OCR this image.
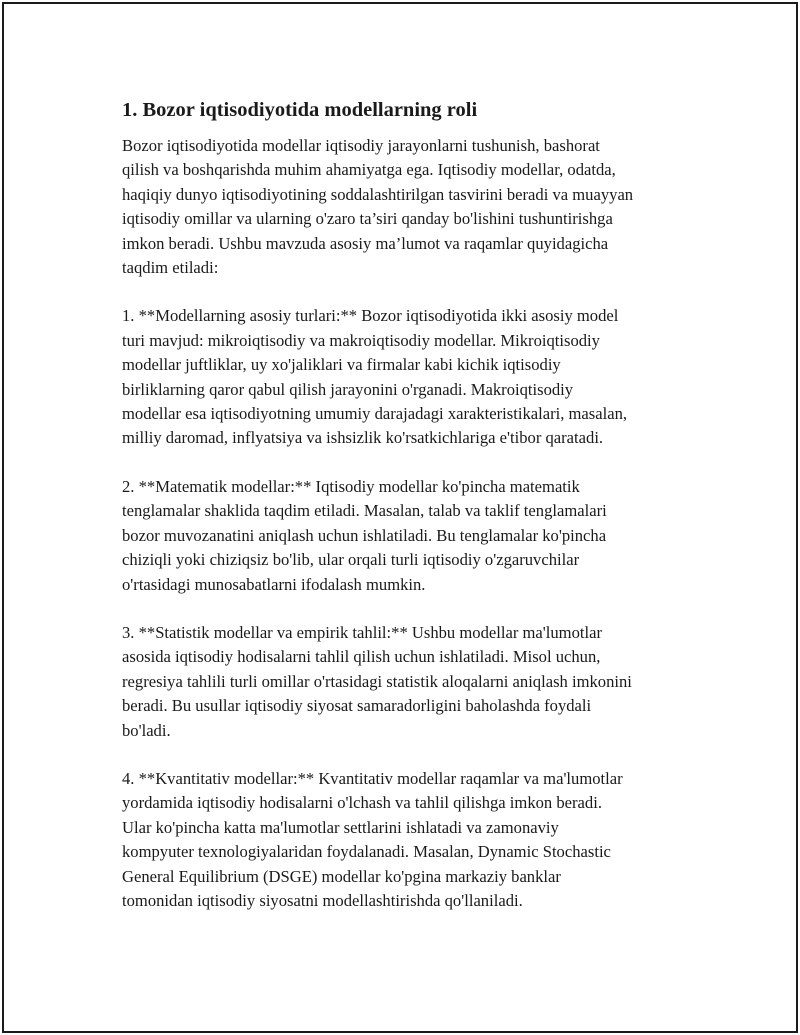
1. Bozor iqtisodiyotida modellarning roli

Bozor iqtisodiyotida modellar iqtisodiy jarayonlarni tushunish, bashorat
qilish va boshqarishda muhim ahamiyatga ega. Iqtisodiy modellar, odatda,
haqiqiy dunyo iqtisodiyotining soddalashtirilgan tasvirini beradi va muayyan
iqtisodiy omillar va ularning o'zaro ta’siri qanday bo'lishini tushuntirishga
imkon beradi. Ushbu mavzuda asosiy ma’lumot va raqamlar quyidagicha
taqdim etiladi:

1. **Modellarning asosiy turlari:** Bozor iqtisodiyotida ikki asosiy model
turi mavjud: mikroiqtisodiy va makroiqtisodiy modellar. Mikroiqtisodiy
modellar juftliklar, uy xo'jaliklari va firmalar kabi kichik iqtisodiy
birliklarning qaror qabul qilish jarayonini o'rganadi. Makroiqtisodiy
modellar esa iqtisodiyotning umumiy darajadagi xarakteristikalari, masalan,
milliy daromad, inflyatsiya va ishsizlik ko'rsatkichlariga e'tibor qaratadi.

2. **Matematik modellar:** Iqtisodiy modellar ko'pincha matematik
tenglamalar shaklida taqdim etiladi. Masalan, talab va taklif tenglamalari
bozor muvozanatini aniqlash uchun ishlatiladi. Bu tenglamalar ko'pincha
chiziqli yoki chiziqsiz bo'lib, ular orqali turli iqtisodiy o'zgaruvchilar
o'rtasidagi munosabatlarni ifodalash mumkin.

3. **Statistik modellar va empirik tahlil:** Ushbu modellar ma'lumotlar
asosida iqtisodiy hodisalarni tahlil qilish uchun ishlatiladi. Misol uchun,
regresiya tahlili turli omillar o'rtasidagi statistik aloqalarni aniqlash imkonini
beradi. Bu usullar iqtisodiy siyosat samaradorligini baholashda foydali
bo'ladi.

4. **Kvantitativ modellar:** Kvantitativ modellar raqamlar va ma'lumotlar
yordamida iqtisodiy hodisalarni o'lchash va tahlil qilishga imkon beradi.
Ular ko'pincha katta ma'lumotlar settlarini ishlatadi va zamonaviy
kompyuter texnologiyalaridan foydalanadi. Masalan, Dynamic Stochastic
General Equilibrium (DSGE) modellar ko'pgina markaziy banklar
tomonidan iqtisodiy siyosatni modellashtirishda qo'llaniladi.
